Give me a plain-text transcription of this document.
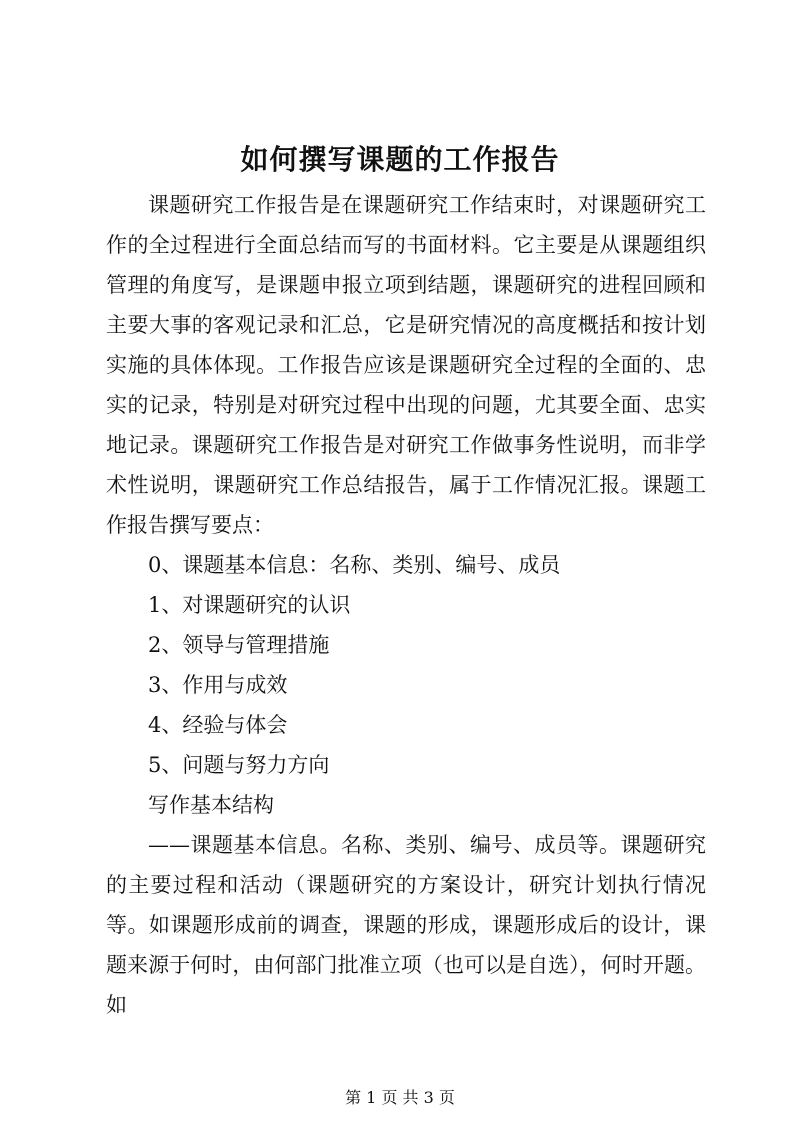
如何撰写课题的工作报告

课题研究工作报告是在课题研究工作结束时，对课题研究工作的全过程进行全面总结而写的书面材料。它主要是从课题组织管理的角度写，是课题申报立项到结题，课题研究的进程回顾和主要大事的客观记录和汇总，它是研究情况的高度概括和按计划实施的具体体现。工作报告应该是课题研究全过程的全面的、忠实的记录，特别是对研究过程中出现的问题，尤其要全面、忠实地记录。课题研究工作报告是对研究工作做事务性说明，而非学术性说明，课题研究工作总结报告，属于工作情况汇报。课题工作报告撰写要点：

0、课题基本信息：名称、类别、编号、成员

1、对课题研究的认识

2、领导与管理措施

3、作用与成效

4、经验与体会

5、问题与努力方向

写作基本结构

——课题基本信息。名称、类别、编号、成员等。课题研究的主要过程和活动（课题研究的方案设计，研究计划执行情况等。如课题形成前的调查，课题的形成，课题形成后的设计，课题来源于何时，由何部门批准立项（也可以是自选），何时开题。如

第 1 页 共 3 页
